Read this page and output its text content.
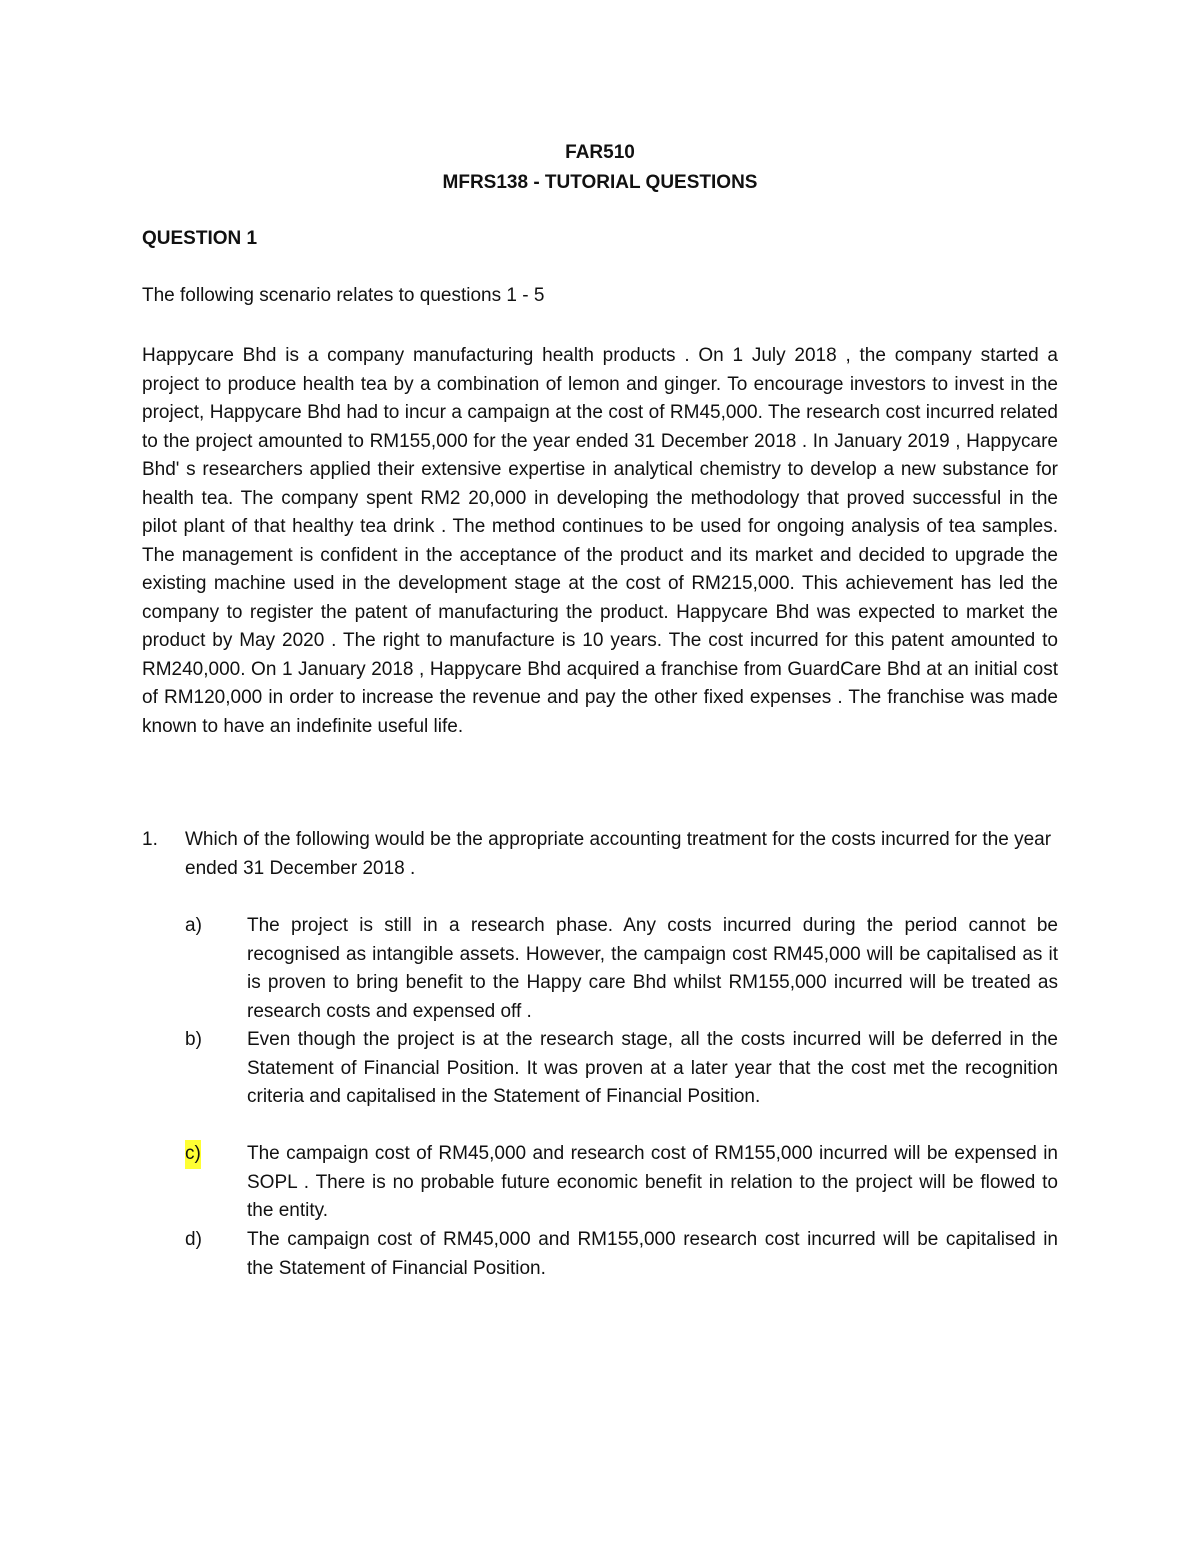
FAR510
MFRS138 - TUTORIAL QUESTIONS
QUESTION 1
The following scenario relates to questions 1 - 5

Happycare Bhd is a company manufacturing health products . On 1 July 2018 , the company started a project to produce health tea by a combination of lemon and ginger. To encourage investors to invest in the project, Happycare Bhd had to incur a campaign at the cost of RM45,000. The research cost incurred related to the project amounted to RM155,000 for the year ended 31 December 2018 . In January 2019 , Happycare Bhd' s researchers applied their extensive expertise in analytical chemistry to develop a new substance for health tea. The company spent RM2 20,000 in developing the methodology that proved successful in the pilot plant of that healthy tea drink . The method continues to be used for ongoing analysis of tea samples. The management is confident in the acceptance of the product and its market and decided to upgrade the existing machine used in the development stage at the cost of RM215,000. This achievement has led the company to register the patent of manufacturing the product. Happycare Bhd was expected to market the product by May 2020 . The right to manufacture is 10 years. The cost incurred for this patent amounted to RM240,000. On 1 January 2018 , Happycare Bhd acquired a franchise from GuardCare Bhd at an initial cost of RM120,000 in order to increase the revenue and pay the other fixed expenses . The franchise was made known to have an indefinite useful life.

1. Which of the following would be the appropriate accounting treatment for the costs incurred for the year ended 31 December 2018 .

a) The project is still in a research phase. Any costs incurred during the period cannot be recognised as intangible assets. However, the campaign cost RM45,000 will be capitalised as it is proven to bring benefit to the Happy care Bhd whilst RM155,000 incurred will be treated as research costs and expensed off .

b) Even though the project is at the research stage, all the costs incurred will be deferred in the Statement of Financial Position. It was proven at a later year that the cost met the recognition criteria and capitalised in the Statement of Financial Position.

c) The campaign cost of RM45,000 and research cost of RM155,000 incurred will be expensed in SOPL . There is no probable future economic benefit in relation to the project will be flowed to the entity.

d) The campaign cost of RM45,000 and RM155,000 research cost incurred will be capitalised in the Statement of Financial Position.
